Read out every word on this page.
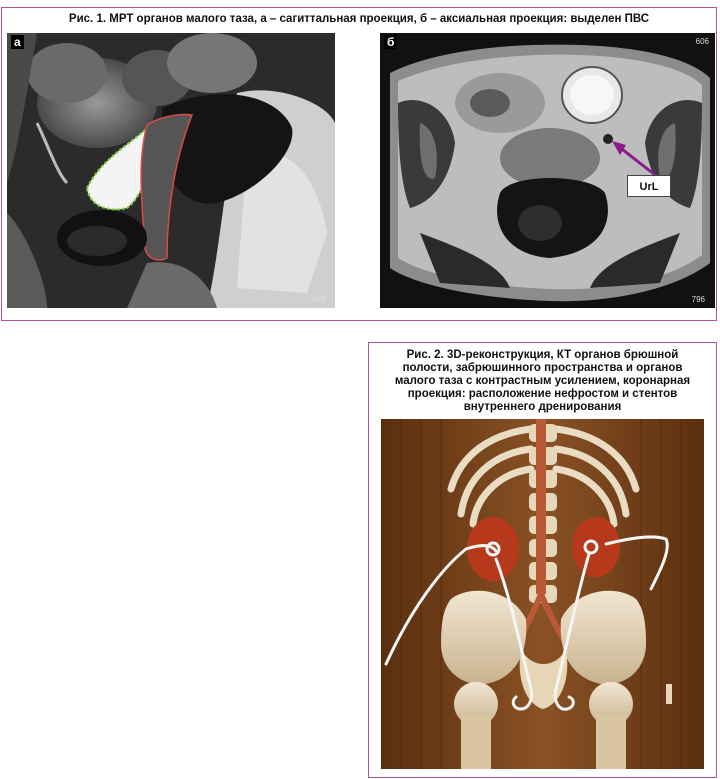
Рис. 1. МРТ органов малого таза, а – сагиттальная проекция, б – аксиальная проекция: выделен ПВС
а
658
б	606
796
UrL
Рис. 2. 3D-реконструкция, КТ органов брюшной полости, забрюшинного пространства и органов малого таза с контрастным усилением, коронарная проекция: расположение нефростом и стентов внутреннего дренирования
